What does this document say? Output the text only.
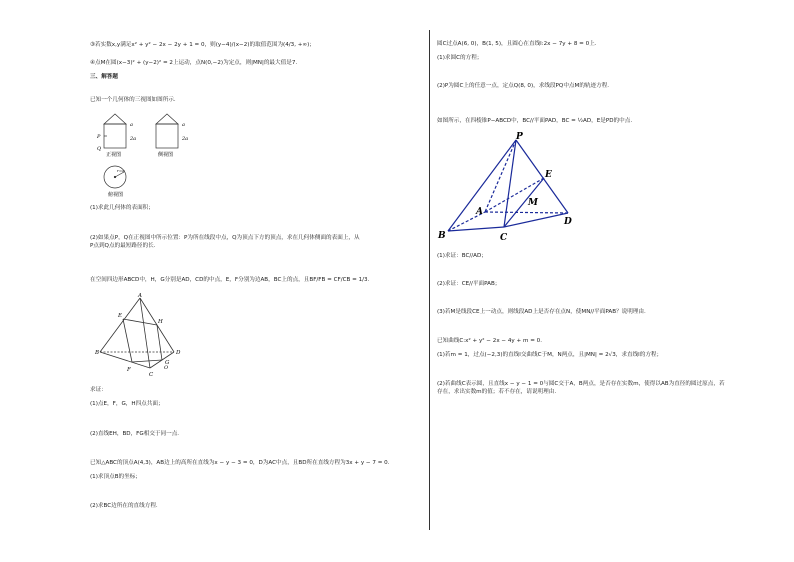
③若实数x,y满足x² + y² − 2x − 2y + 1 = 0，则(y−4)/(x−2)的取值范围为(4/3, +∞)；
④点M在圆(x−3)² + (y−2)² = 2上运动，点N(0,−2)为定点，则|MN|的最大值是7.
三、解答题
已知一个几何体的三视图如图所示.
a
2a
P
Q
正视图
a
2a
侧视图
r=a
俯视图
(1)求此几何体的表面积；
(2)如果点P，Q在正视图中所示位置：P为所在线段中点，Q为顶点下方的顶点，求在几何体侧面的表面上，从
P点到Q点的最短路径的长.
在空间四边形ABCD中，H，G分别是AD，CD的中点，E，F分别为边AB，BC上的点，且BF/FB = CF/CB = 1/3.
A
B
C
D
E
F
G
H
O
求证：
(1)点E，F，G，H四点共面；
(2)直线EH，BD，FG相交于同一点.
已知△ABC的顶点A(4,3)，AB边上的高所在直线为x − y − 3 = 0，D为AC中点，且BD所在直线方程为3x + y − 7 = 0.
(1)求顶点B的坐标；
(2)求BC边所在的直线方程.
圆C过点A(6, 0)，B(1, 5)，且圆心在直线l:2x − 7y + 8 = 0上.
(1)求圆C的方程；
(2)P为圆C上的任意一点，定点Q(8, 0)，求线段PQ中点M的轨迹方程.
如图所示，在四棱锥P−ABCD中，BC//平面PAD，BC = ½AD，E是PD的中点.
P
E
M
A
B	C
D
(1)求证：BC//AD；
(2)求证：CE//平面PAB；
(3)若M是线段CE上一动点，则线段AD上是否存在点N，使MN//平面PAB？说明理由.
已知曲线C:x² + y² − 2x − 4y + m = 0.
(1)若m = 1，过点(−2,3)的直线l交曲线C于M，N两点，且|MN| = 2√3，求直线l的方程；
(2)若曲线C表示圆，且直线x − y − 1 = 0与圆C交于A，B两点，是否存在实数m，使得以AB为直径的圆过原点，若
存在，求出实数m的值；若不存在，请说明理由.
